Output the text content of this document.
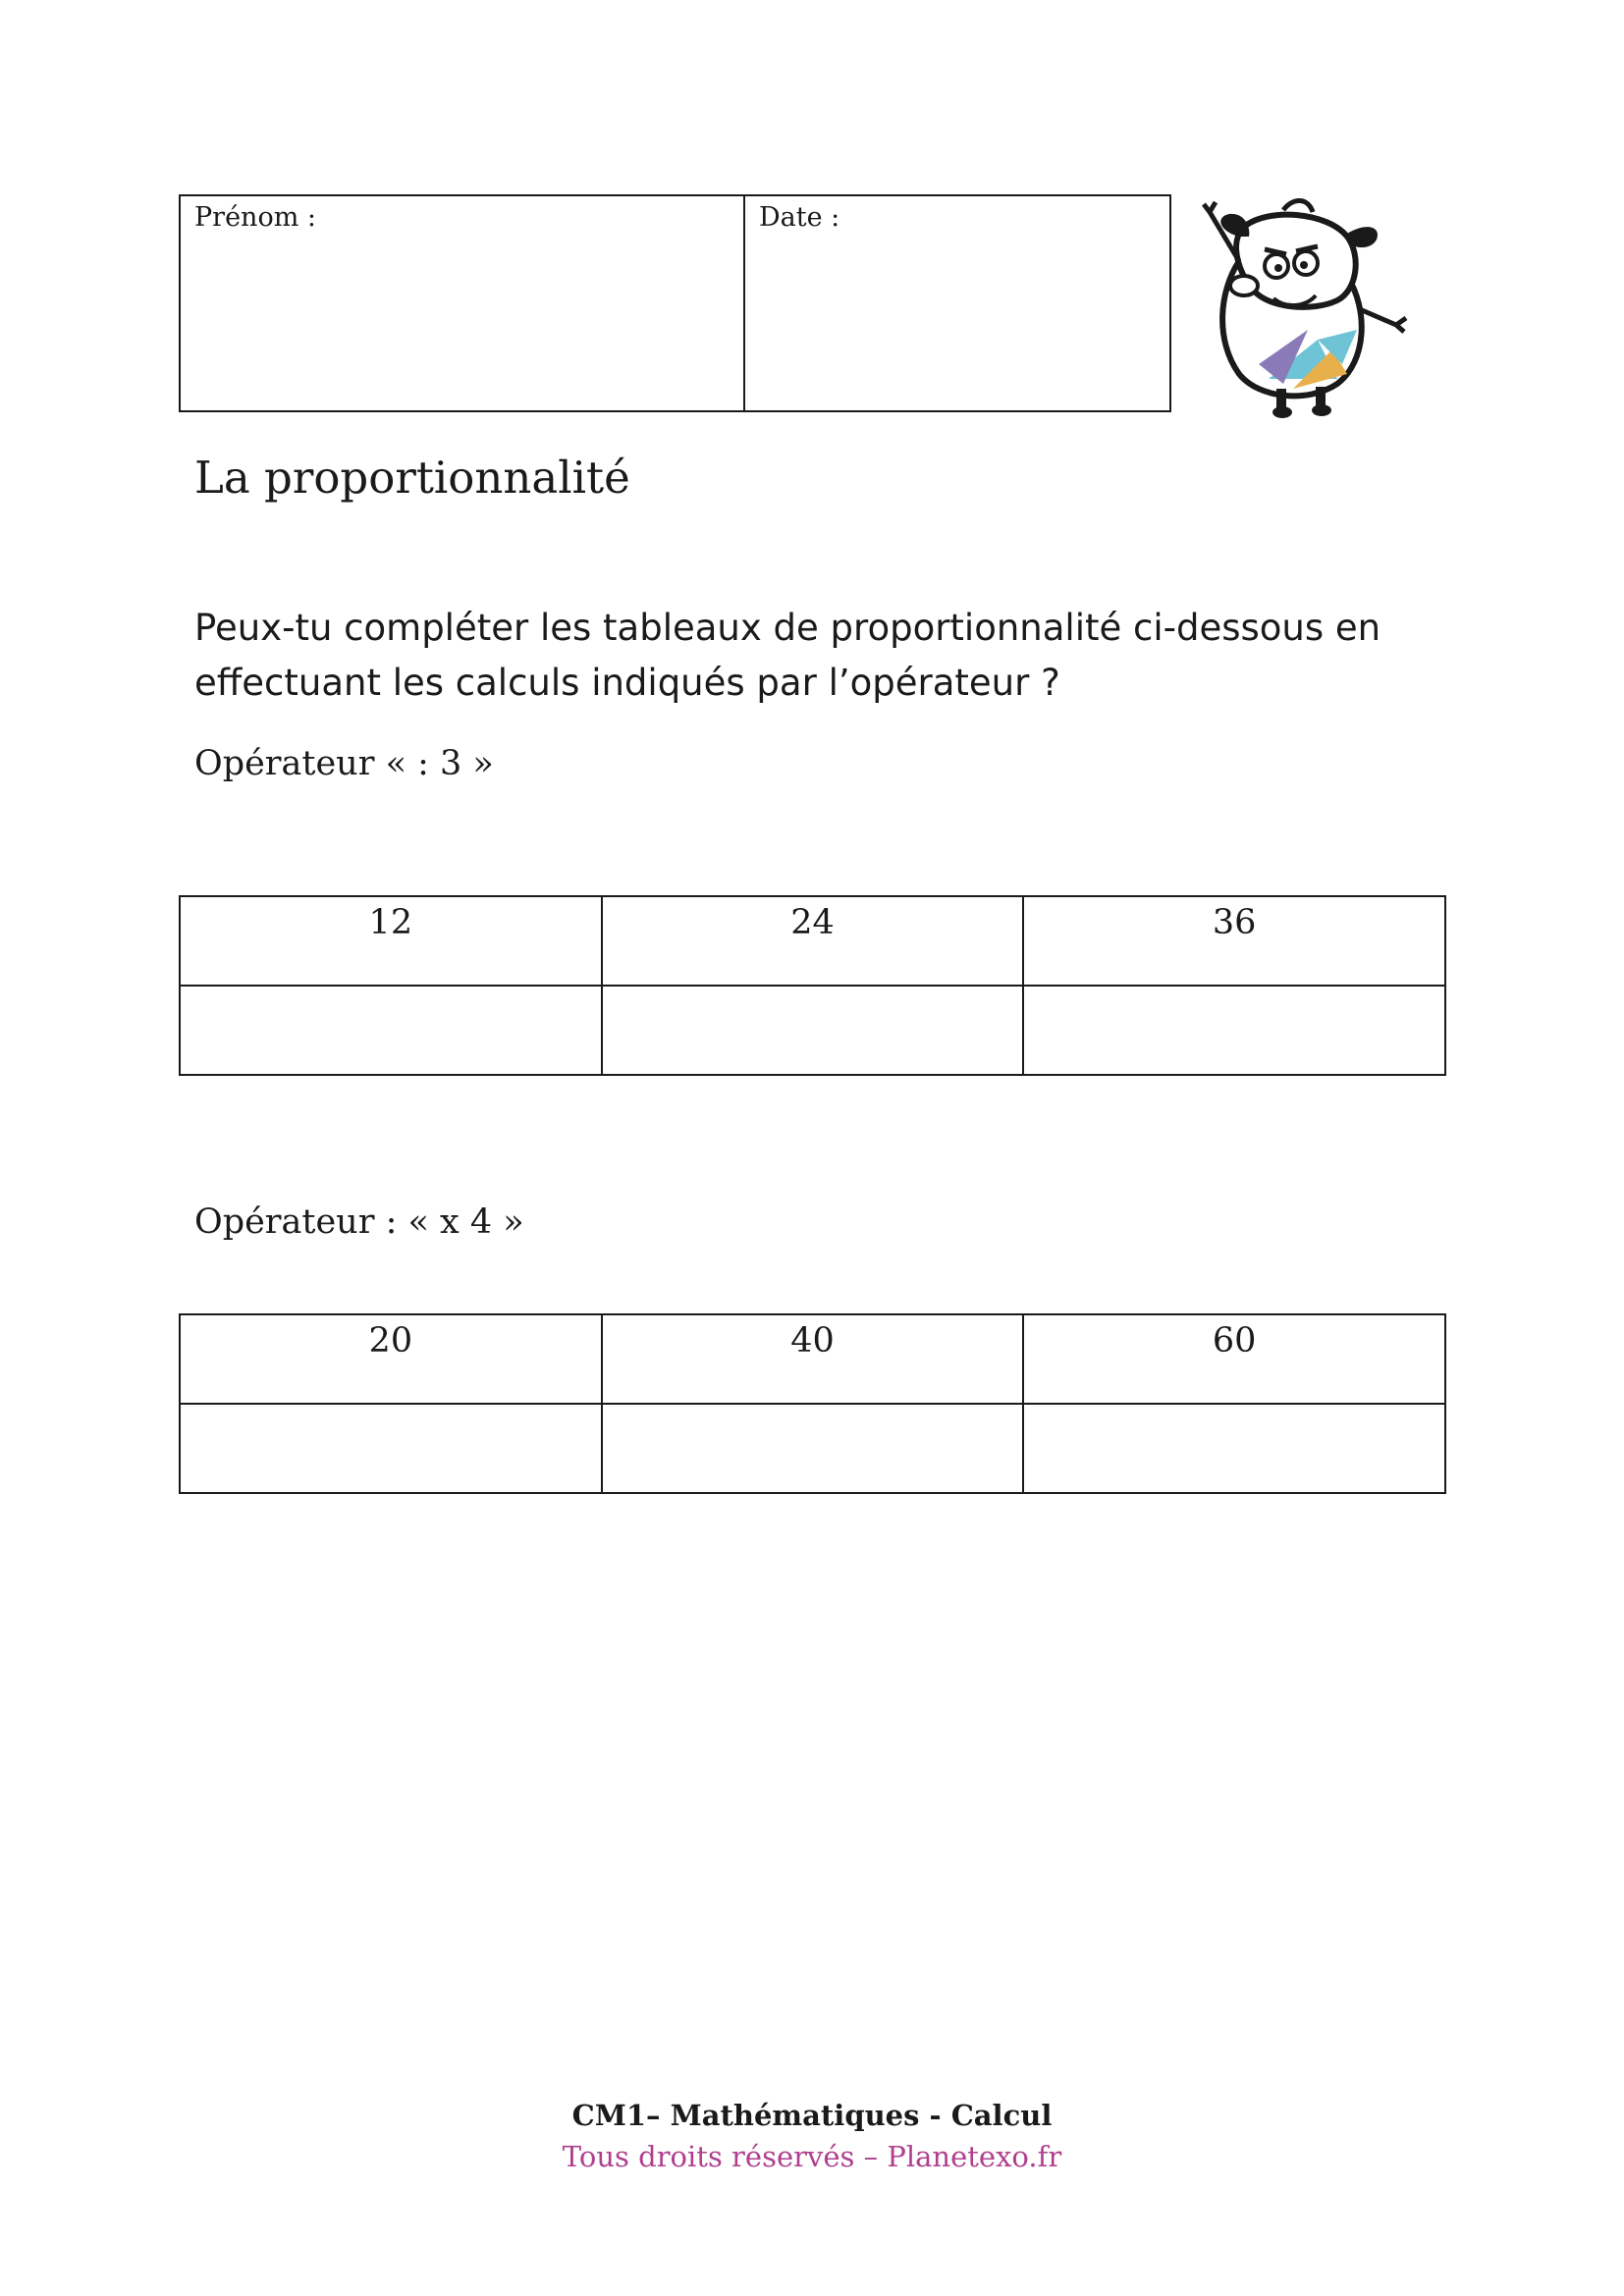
Prénom :	Date :
La proportionnalité
Peux-tu compléter les tableaux de proportionnalité ci-dessous en effectuant les calculs indiqués par l’opérateur ?
Opérateur « : 3 »
12	24	36

Opérateur : « x 4 »
20	40	60

CM1– Mathématiques - Calcul
Tous droits réservés – Planetexo.fr
